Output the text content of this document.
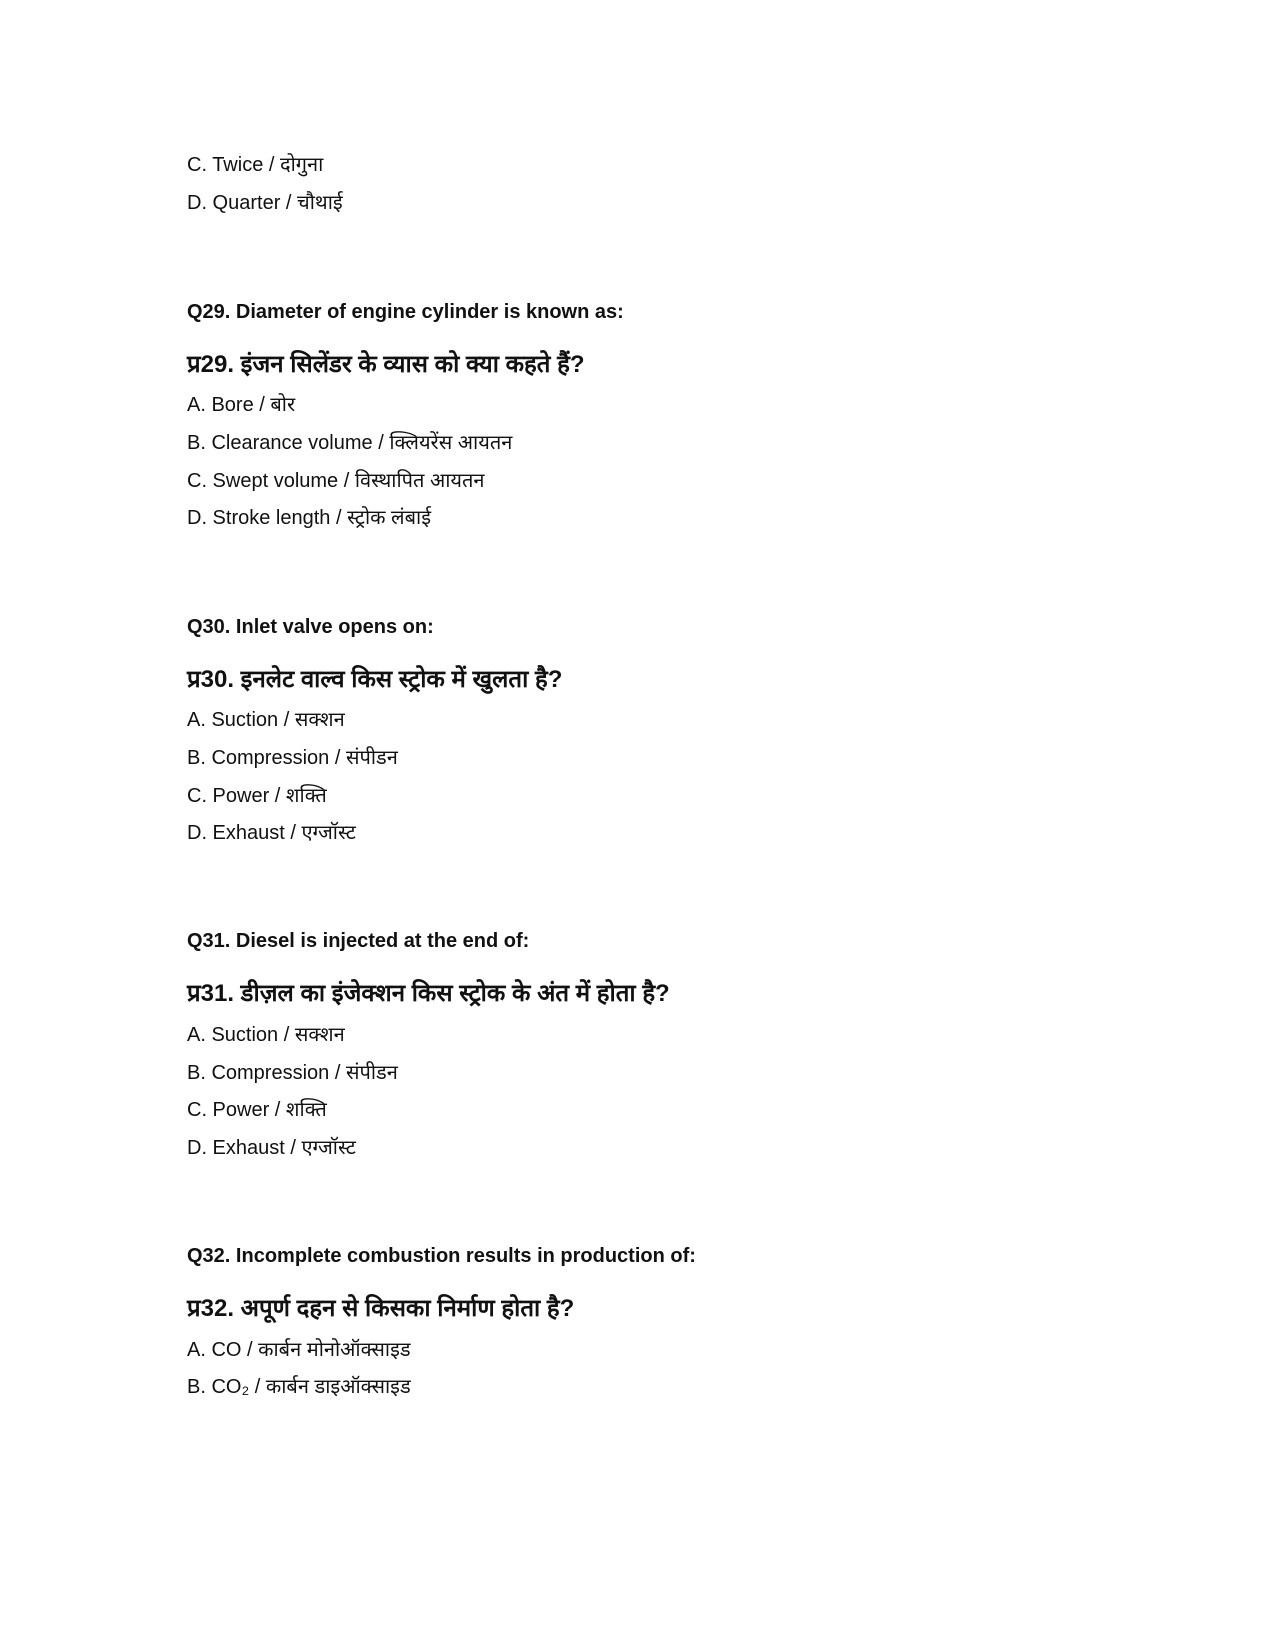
C. Twice / दोगुना
D. Quarter / चौथाई
Q29. Diameter of engine cylinder is known as:
प्र29. इंजन सिलेंडर के व्यास को क्या कहते हैं?
A. Bore / बोर
B. Clearance volume / क्लियरेंस आयतन
C. Swept volume / विस्थापित आयतन
D. Stroke length / स्ट्रोक लंबाई
Q30. Inlet valve opens on:
प्र30. इनलेट वाल्व किस स्ट्रोक में खुलता है?
A. Suction / सक्शन
B. Compression / संपीडन
C. Power / शक्ति
D. Exhaust / एग्जॉस्ट
Q31. Diesel is injected at the end of:
प्र31. डीज़ल का इंजेक्शन किस स्ट्रोक के अंत में होता है?
A. Suction / सक्शन
B. Compression / संपीडन
C. Power / शक्ति
D. Exhaust / एग्जॉस्ट
Q32. Incomplete combustion results in production of:
प्र32. अपूर्ण दहन से किसका निर्माण होता है?
A. CO / कार्बन मोनोऑक्साइड
B. CO₂ / कार्बन डाइऑक्साइड
